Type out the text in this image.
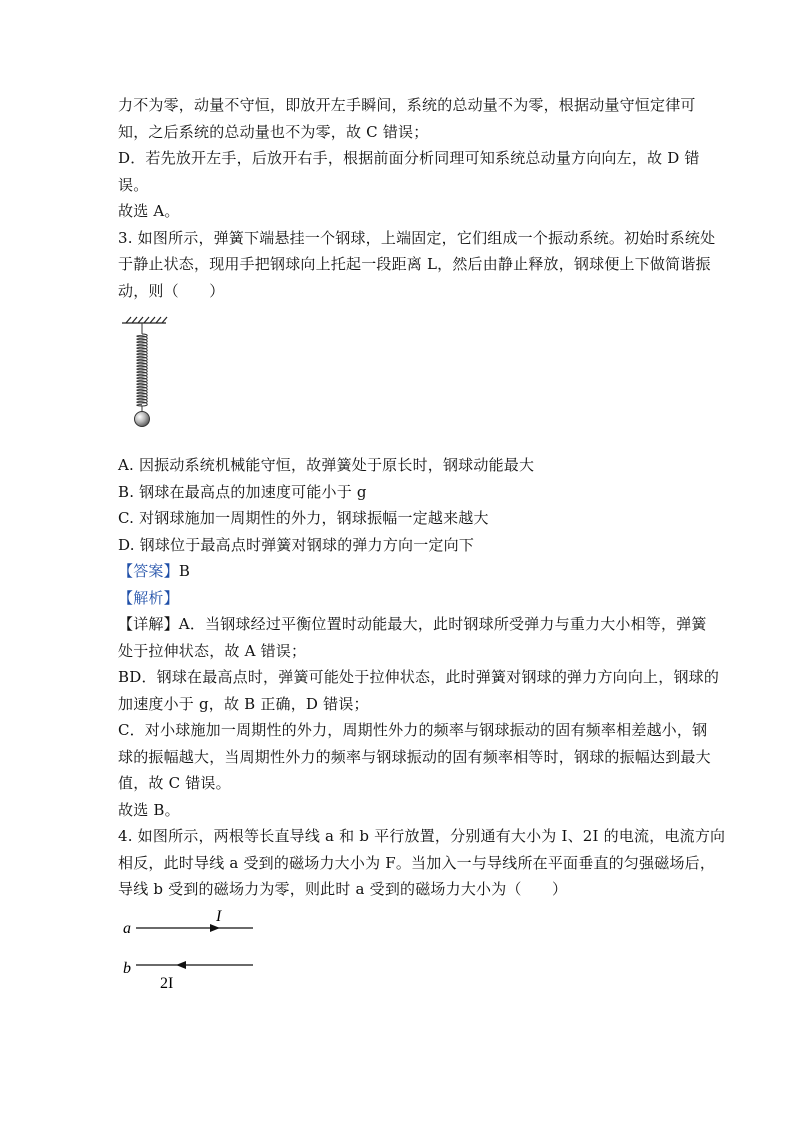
力不为零，动量不守恒，即放开左手瞬间，系统的总动量不为零，根据动量守恒定律可
知，之后系统的总动量也不为零，故 C 错误；
D．若先放开左手，后放开右手，根据前面分析同理可知系统总动量方向向左，故 D 错
误。
故选 A。
3. 如图所示，弹簧下端悬挂一个钢球，上端固定，它们组成一个振动系统。初始时系统处
于静止状态，现用手把钢球向上托起一段距离 L，然后由静止释放，钢球便上下做简谐振
动，则（　　）
A. 因振动系统机械能守恒，故弹簧处于原长时，钢球动能最大
B. 钢球在最高点的加速度可能小于 g
C. 对钢球施加一周期性的外力，钢球振幅一定越来越大
D. 钢球位于最高点时弹簧对钢球的弹力方向一定向下
【答案】B
【解析】
【详解】A．当钢球经过平衡位置时动能最大，此时钢球所受弹力与重力大小相等，弹簧
处于拉伸状态，故 A 错误；
BD．钢球在最高点时，弹簧可能处于拉伸状态，此时弹簧对钢球的弹力方向向上，钢球的
加速度小于 g，故 B 正确，D 错误；
C．对小球施加一周期性的外力，周期性外力的频率与钢球振动的固有频率相差越小，钢
球的振幅越大，当周期性外力的频率与钢球振动的固有频率相等时，钢球的振幅达到最大
值，故 C 错误。
故选 B。
4. 如图所示，两根等长直导线 a 和 b 平行放置，分别通有大小为 I、2I 的电流，电流方向
相反，此时导线 a 受到的磁场力大小为 F。当加入一与导线所在平面垂直的匀强磁场后，
导线 b 受到的磁场力为零，则此时 a 受到的磁场力大小为（　　）
a
I
b
2I
